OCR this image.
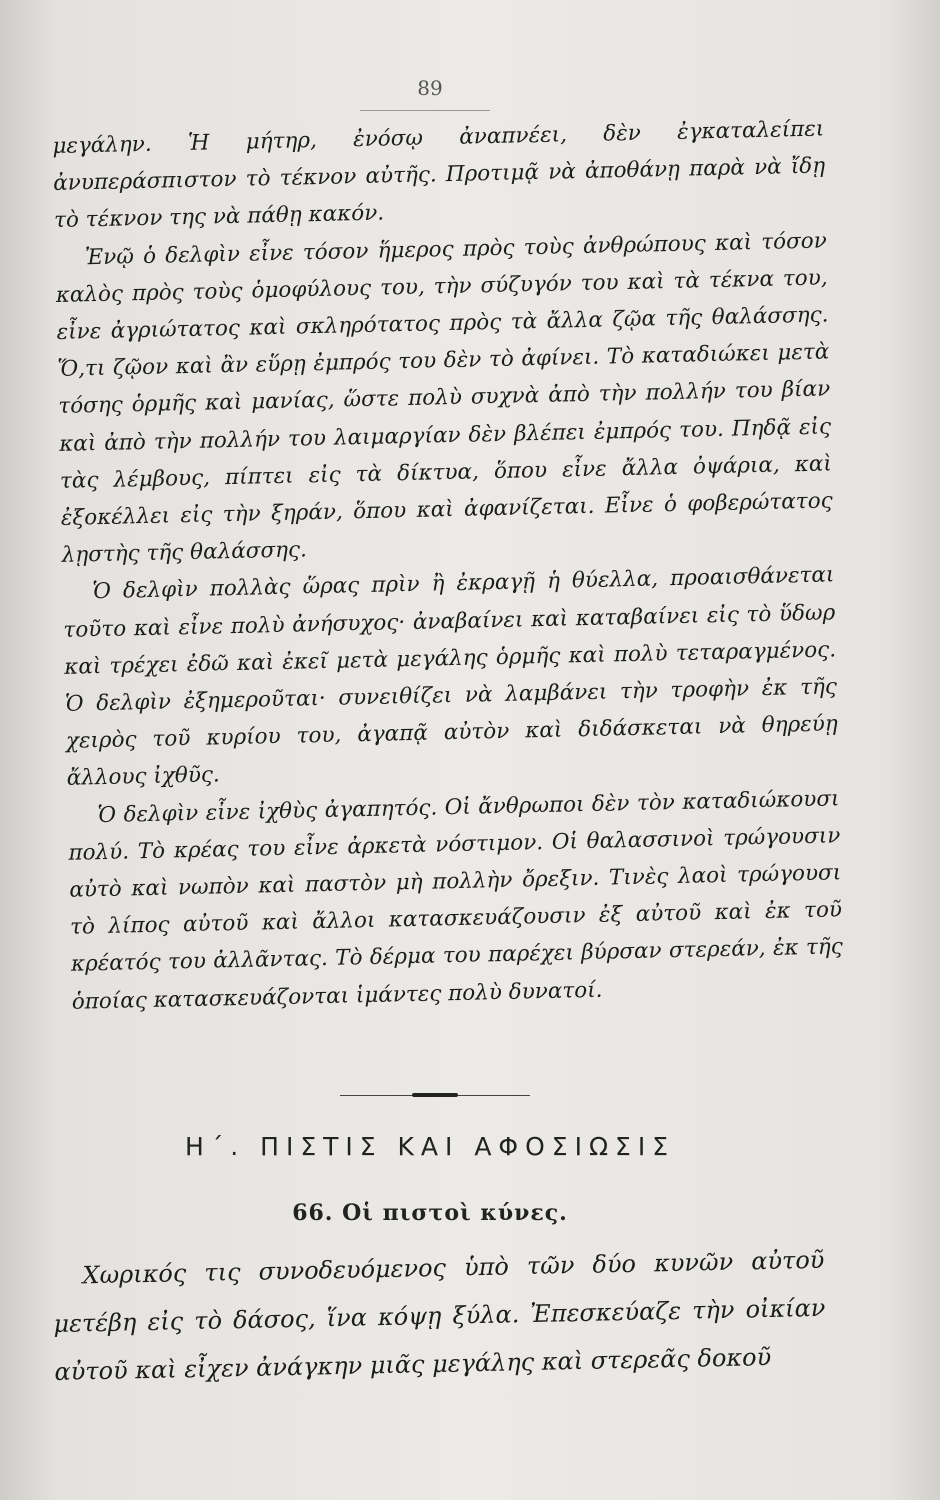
89

μεγάλην. Ἡ μήτηρ, ἐνόσῳ ἀναπνέει, δὲν ἐγκαταλείπει ἀνυπεράσπιστον τὸ τέκνον αὐτῆς. Προτιμᾷ νὰ ἀποθάνῃ παρὰ νὰ ἴδῃ τὸ τέκνον της νὰ πάθῃ κακόν.

Ἐνῷ ὁ δελφὶν εἶνε τόσον ἥμερος πρὸς τοὺς ἀνθρώπους καὶ τόσον καλὸς πρὸς τοὺς ὁμοφύλους του, τὴν σύζυγόν του καὶ τὰ τέκνα του, εἶνε ἀγριώτατος καὶ σκληρότατος πρὸς τὰ ἄλλα ζῷα τῆς θαλάσσης. Ὅ,τι ζῷον καὶ ἂν εὕρῃ ἐμπρός του δὲν τὸ ἀφίνει. Τὸ καταδιώκει μετὰ τόσης ὁρμῆς καὶ μανίας, ὥστε πολὺ συχνὰ ἀπὸ τὴν πολλήν του βίαν καὶ ἀπὸ τὴν πολλήν του λαιμαργίαν δὲν βλέπει ἐμπρός του. Πηδᾷ εἰς τὰς λέμβους, πίπτει εἰς τὰ δίκτυα, ὅπου εἶνε ἄλλα ὀψάρια, καὶ ἐξοκέλλει εἰς τὴν ξηράν, ὅπου καὶ ἀφανίζεται. Εἶνε ὁ φοβερώτατος λῃστὴς τῆς θαλάσσης.

Ὁ δελφὶν πολλὰς ὥρας πρὶν ἢ ἐκραγῇ ἡ θύελλα, προαισθάνεται τοῦτο καὶ εἶνε πολὺ ἀνήσυχος· ἀναβαίνει καὶ καταβαίνει εἰς τὸ ὕδωρ καὶ τρέχει ἐδῶ καὶ ἐκεῖ μετὰ μεγάλης ὁρμῆς καὶ πολὺ τεταραγμένος. Ὁ δελφὶν ἐξημεροῦται· συνειθίζει νὰ λαμβάνει τὴν τροφὴν ἐκ τῆς χειρὸς τοῦ κυρίου του, ἀγαπᾷ αὐτὸν καὶ διδάσκεται νὰ θηρεύῃ ἄλλους ἰχθῦς.

Ὁ δελφὶν εἶνε ἰχθὺς ἀγαπητός. Οἱ ἄνθρωποι δὲν τὸν καταδιώκουσι πολύ. Τὸ κρέας του εἶνε ἀρκετὰ νόστιμον. Οἱ θαλασσινοὶ τρώγουσιν αὐτὸ καὶ νωπὸν καὶ παστὸν μὴ πολλὴν ὄρεξιν. Τινὲς λαοὶ τρώγουσι τὸ λίπος αὐτοῦ καὶ ἄλλοι κατασκευάζουσιν ἐξ αὐτοῦ καὶ ἐκ τοῦ κρέατός του ἀλλᾶντας. Τὸ δέρμα του παρέχει βύρσαν στερεάν, ἐκ τῆς ὁποίας κατασκευάζονται ἱμάντες πολὺ δυνατοί.

Η΄. ΠΙΣΤΙΣ ΚΑΙ ΑΦΟΣΙΩΣΙΣ
66. Οἱ πιστοὶ κύνες.

Χωρικός τις συνοδευόμενος ὑπὸ τῶν δύο κυνῶν αὐτοῦ μετέβη εἰς τὸ δάσος, ἵνα κόψῃ ξύλα. Ἐπεσκεύαζε τὴν οἰκίαν αὐτοῦ καὶ εἶχεν ἀνάγκην μιᾶς μεγάλης καὶ στερεᾶς δοκοῦ
